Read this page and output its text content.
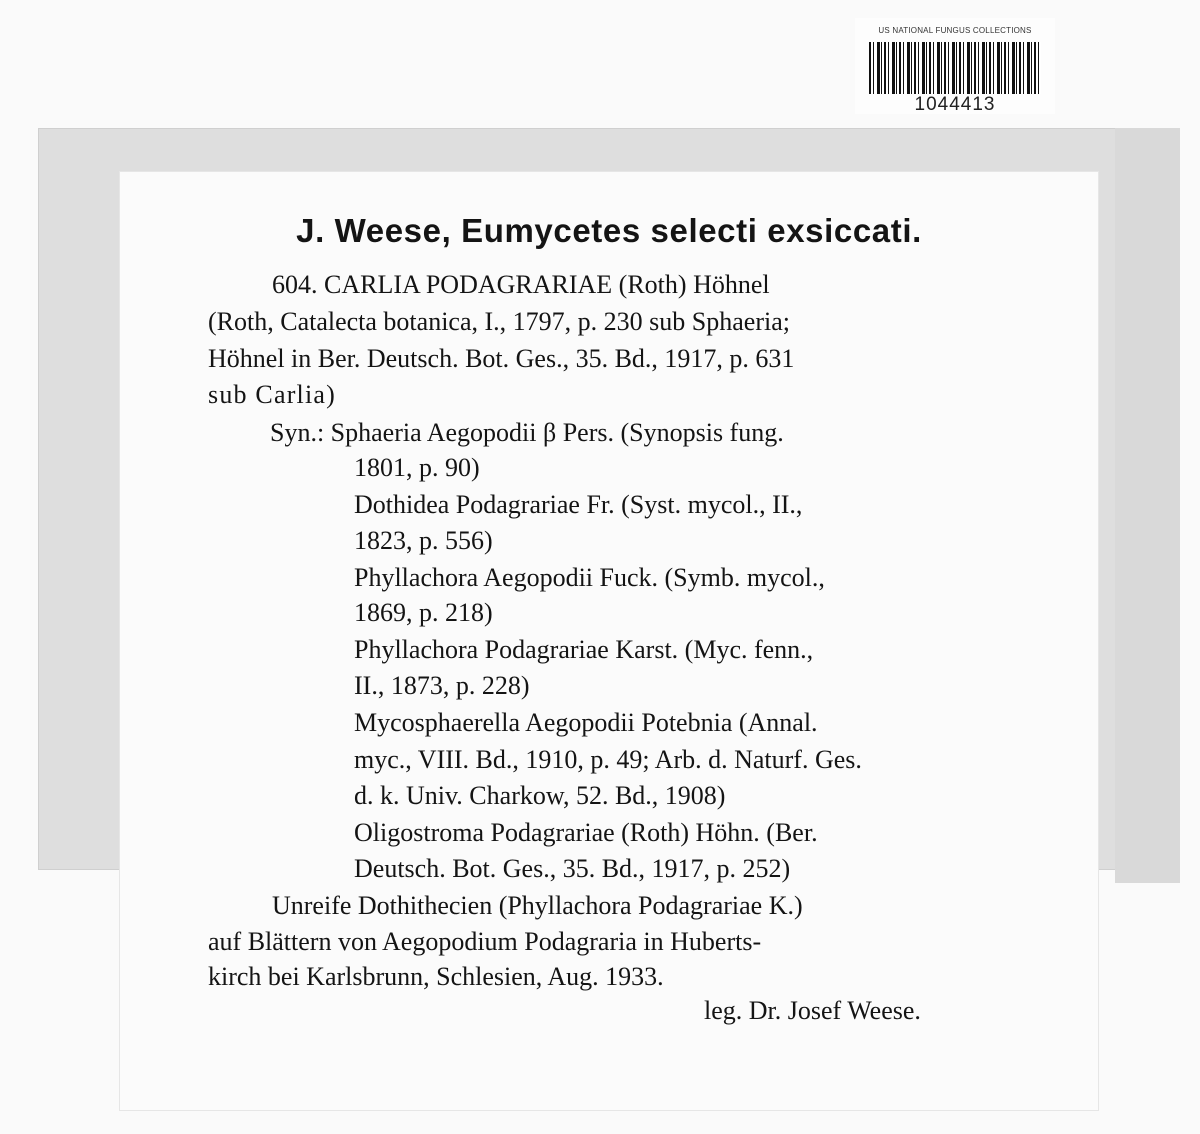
US NATIONAL FUNGUS COLLECTIONS
1044413
J. Weese, Eumycetes selecti exsiccati.
604. CARLIA PODAGRARIAE (Roth) Höhnel
(Roth, Catalecta botanica, I., 1797, p. 230 sub Sphaeria;
Höhnel in Ber. Deutsch. Bot. Ges., 35. Bd., 1917, p. 631
sub Carlia)
Syn.: Sphaeria Aegopodii β Pers. (Synopsis fung.
1801, p. 90)
Dothidea Podagrariae Fr. (Syst. mycol., II.,
1823, p. 556)
Phyllachora Aegopodii Fuck. (Symb. mycol.,
1869, p. 218)
Phyllachora Podagrariae Karst. (Myc. fenn.,
II., 1873, p. 228)
Mycosphaerella Aegopodii Potebnia (Annal.
myc., VIII. Bd., 1910, p. 49; Arb. d. Naturf. Ges.
d. k. Univ. Charkow, 52. Bd., 1908)
Oligostroma Podagrariae (Roth) Höhn. (Ber.
Deutsch. Bot. Ges., 35. Bd., 1917, p. 252)
Unreife Dothithecien (Phyllachora Podagrariae K.)
auf Blättern von Aegopodium Podagraria in Huberts-
kirch bei Karlsbrunn, Schlesien, Aug. 1933.
leg. Dr. Josef Weese.
